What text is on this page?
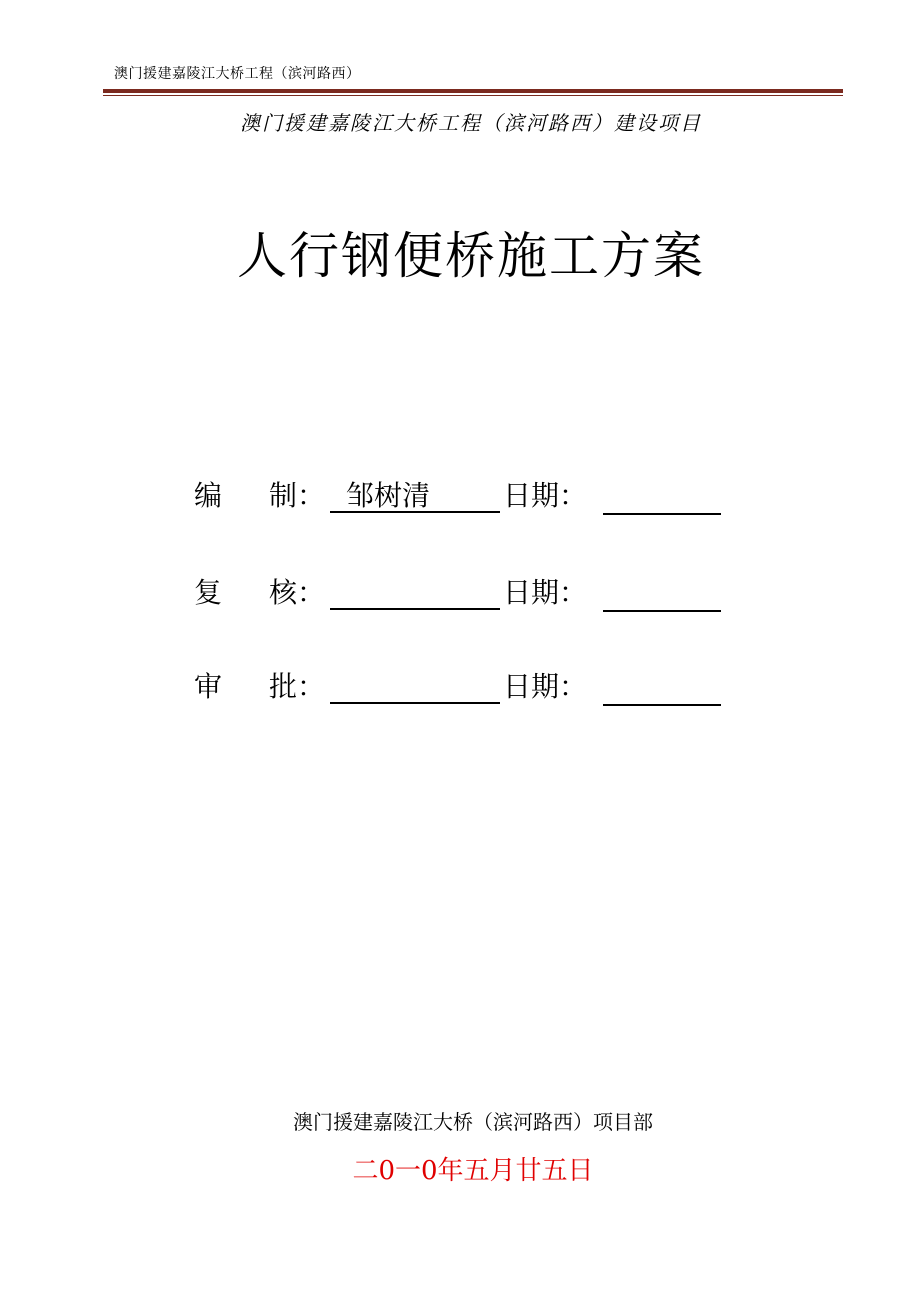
澳门援建嘉陵江大桥工程（滨河路西）
澳门援建嘉陵江大桥工程（滨河路西）建设项目
人行钢便桥施工方案
编 制 ： 邹树清	日期：
复 核 ：	日期：
审 批 ：	日期：
澳门援建嘉陵江大桥（滨河路西）项目部
二0一0年五月廿五日
